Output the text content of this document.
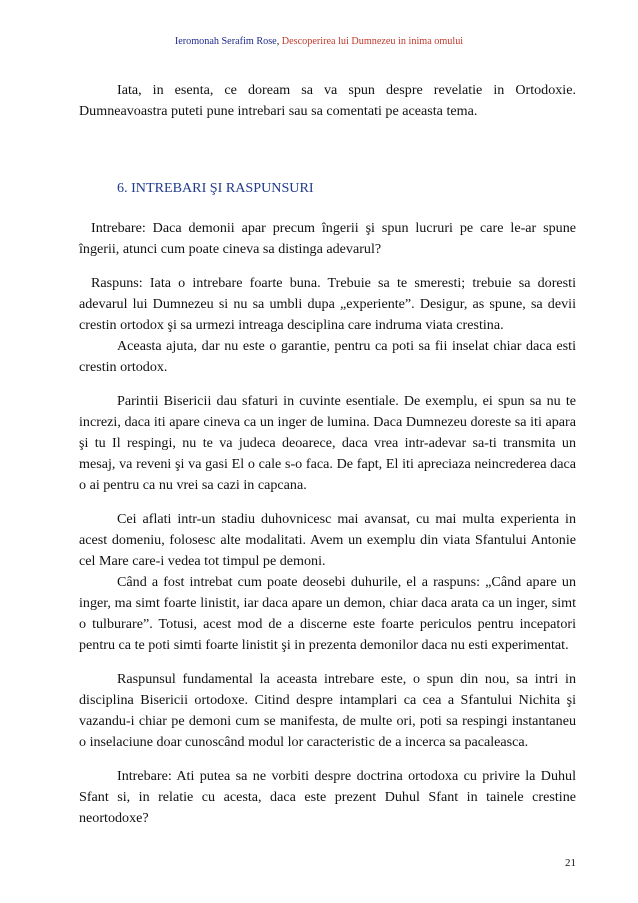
Ieromonah Serafim Rose, Descoperirea lui Dumnezeu in inima omului

Iata, in esenta, ce doream sa va spun despre revelatie in Ortodoxie. Dumneavoastra puteti pune intrebari sau sa comentati pe aceasta tema.

6. INTREBARI ŞI RASPUNSURI

Intrebare: Daca demonii apar precum îngerii şi spun lucruri pe care le-ar spune îngerii, atunci cum poate cineva sa distinga adevarul?

Raspuns: Iata o intrebare foarte buna. Trebuie sa te smeresti; trebuie sa doresti adevarul lui Dumnezeu si nu sa umbli dupa „experiente”. Desigur, as spune, sa devii crestin ortodox şi sa urmezi intreaga desciplina care indruma viata crestina.

Aceasta ajuta, dar nu este o garantie, pentru ca poti sa fii inselat chiar daca esti crestin ortodox.

Parintii Bisericii dau sfaturi in cuvinte esentiale. De exemplu, ei spun sa nu te increzi, daca iti apare cineva ca un inger de lumina. Daca Dumnezeu doreste sa iti apara şi tu Il respingi, nu te va judeca deoarece, daca vrea intr-adevar sa-ti transmita un mesaj, va reveni şi va gasi El o cale s-o faca. De fapt, El iti apreciaza neincrederea daca o ai pentru ca nu vrei sa cazi in capcana.

Cei aflati intr-un stadiu duhovnicesc mai avansat, cu mai multa experienta in acest domeniu, folosesc alte modalitati. Avem un exemplu din viata Sfantului Antonie cel Mare care-i vedea tot timpul pe demoni.

Când a fost intrebat cum poate deosebi duhurile, el a raspuns: „Când apare un inger, ma simt foarte linistit, iar daca apare un demon, chiar daca arata ca un inger, simt o tulburare”. Totusi, acest mod de a discerne este foarte periculos pentru incepatori pentru ca te poti simti foarte linistit şi in prezenta demonilor daca nu esti experimentat.

Raspunsul fundamental la aceasta intrebare este, o spun din nou, sa intri in disciplina Bisericii ortodoxe. Citind despre intamplari ca cea a Sfantului Nichita şi vazandu-i chiar pe demoni cum se manifesta, de multe ori, poti sa respingi instantaneu o inselaciune doar cunoscând modul lor caracteristic de a incerca sa pacaleasca.

Intrebare: Ati putea sa ne vorbiti despre doctrina ortodoxa cu privire la Duhul Sfant si, in relatie cu acesta, daca este prezent Duhul Sfant in tainele crestine neortodoxe?

21
